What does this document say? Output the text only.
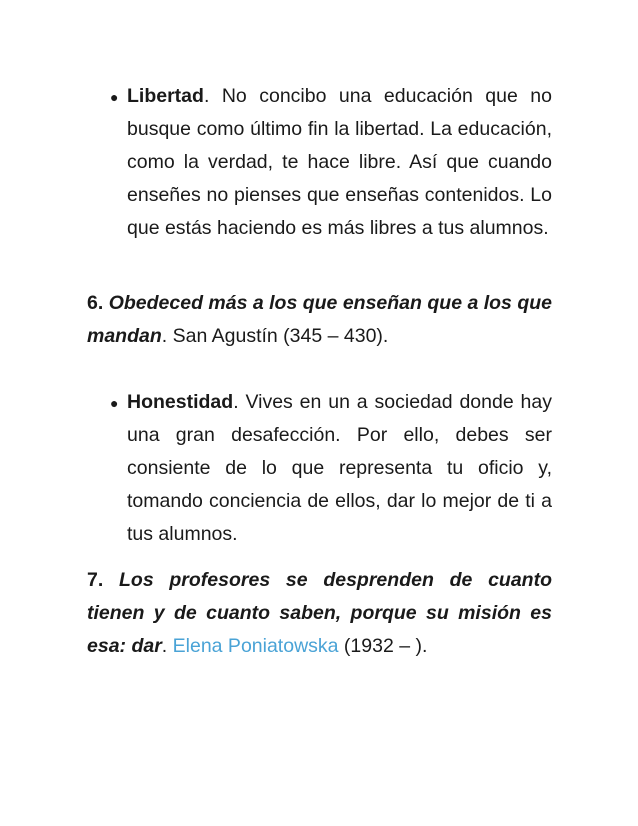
● Libertad. No concibo una educación que no busque como último fin la libertad. La educación, como la verdad, te hace libre. Así que cuando enseñes no pienses que enseñas contenidos. Lo que estás haciendo es más libres a tus alumnos.
6. Obedeced más a los que enseñan que a los que mandan. San Agustín (345 – 430).
● Honestidad. Vives en un a sociedad donde hay una gran desafección. Por ello, debes ser consiente de lo que representa tu oficio y, tomando conciencia de ellos, dar lo mejor de ti a tus alumnos.
7. Los profesores se desprenden de cuanto tienen y de cuanto saben, porque su misión es esa: dar. Elena Poniatowska (1932 – ).
